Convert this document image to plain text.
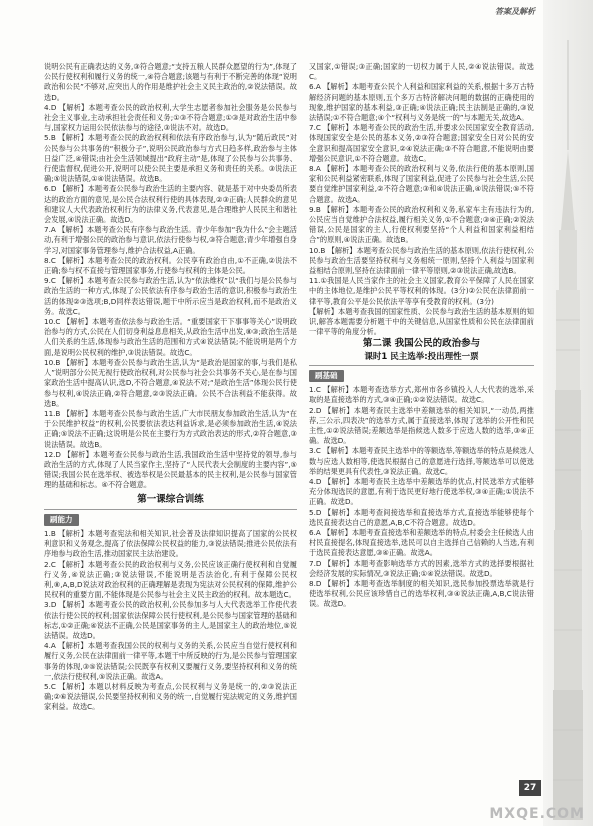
答案及解析

说明公民有正确表达的义务,③符合题意;“支持五粮人民群众愿望的行为”,体现了公民行使权利和履行义务的统一,④符合题意;该题与有利于不断完善的体现“说明政治和公民”不够对,应突出人的作用是维护社会主义民主政治的,②说法错误。故选D。

4.D 【解析】本题考查公民的政治权利,大学生志愿者参加社会服务是公民参与社会主义事业,主动承担社会责任和义务;①③不符合题意;①③是对政治生活中参与,国家权力运用公民依法参与的途径,③说法不对。故选D。

5.B 【解析】本题考查公民的政治权利和依法有序政治参与,认为“随后政民”对公民参与公共事务的“积极分子”,说明公民政治参与方式日趋多样,政治参与主体日益广泛,④错误;由社会生活领域提出“政府主动”是,体现了公民参与公共事务、行使监督权,促进公开,说明可以使公民主要是承担义务和责任的关系。③说法正确;⑤说法错误,①④说法错误。故选B。

6.D 【解析】本题考查公民参与政治生活的主要内容、就是基于对中央委员所表达的政治方面的意见,是公民合法权利行使的具体表现,②③正确;人民群众的意见和建议人大代表政治权利行为的法律义务,代表意见,是合理维护人民民主和谐社会发展,④说法正确。故选D。

7.A 【解析】本题考查公民有序参与政治生活。青少年参加“我为什么”会主题活动,有利于增强公民的政治参与意识,依法行使参与权,③符合题意;青少年增强自身学习,对国家事务管理参与,维护合法权益,A正确。

8.C 【解析】本题考查公民的政治权利。公民享有政治自由,①不正确,②说法不正确;参与权不直接与管理国家事务,行使参与权利的主体是公民。

9.C 【解析】本题考查公民参与政治生活,认为“依法维权”以“我们与是公民参与政治生活的一种方式,体现了公民依法有序参与政治生活的意识,积极参与政治生活的体现②③选项;B,D同样表达错误,题干中所示应当是政治权利,而不是政治义务。故选C。

10.C 【解析】本题考查依法参与政治生活。“重要国家干下事事等关心”说明政治参与的方式,公民在人们切身利益息息相关,从政治生活中出发,⑧③;政治生活是人们关系的生活,体现参与政治生活的范围和方式④说法错误;不能说明是两个方面,是说明公民权利的维护,③说法错误。故选C。

10.B 【解析】本题考查公民参与政治生活,认为“是政治是国家的事,与我们是私人”说明部分公民无视行使政治权利,对公民参与社会公共事务不关心,是在参与国家政治生活中提高认识,选D,不符合题意,④说法不对;“是政治生活”体现公民行使参与权利,④说法正确,②符合题意,②③说法正确。公民不合法利益不能获得。故选B。

11.B 【解析】本题考查公民参与政治生活,广大市民朋友参加政治生活,认为“在于公民维护权益”的权利,公民要依法表达利益诉求,是必须参加政治生活,④说法正确;⑤说法不正确;这说明是公民在主要行为方式政治表达的形式,②符合题意,③说法错误。故选B。

12.D 【解析】本题考查公民参与政治生活,我国政治生活中坚持党的领导,参与政治生活的方式,体现了人民当家作主,坚持了“人民代表大会制度的主要内容”,⑤错误;我国公民在选举权、被选举权是公民最基本的民主权利,是公民参与国家管理的基础和标志。④不符合题意。

第一课综合训练
刷能力

1.B 【解析】本题考查宪法和相关知识,社会普及法律知识提高了国家的公民权利意识和义务观念,提高了依法保障公民权益的能力,③说法错误;推进公民依法有序地参与政治生活,推动国家民主法治建设。

2.C 【解析】本题考查公民的政治权利与义务,公民应该正确行使权利和自觉履行义务,④说法正确;③说法错误,不能说明是否法治化,有利于保障公民权利,⑧,A,B,D说法对政治权利的正确理解是表现为宪法对公民权利的保障,维护公民权利的重要方面,不能体现是公民参与社会主义民主政治的权利。故本题选C。

3.D 【解析】本题考查公民的政治权利,公民参加多与人大代表选举工作使代表依法行使公民的权利;国家依法保障公民行使权利,是公民参与国家管理的基础和标志,①②正确;④说法不正确,公民是国家事务的主人,是国家主人的政治地位,⑤说法错误。故选D。

4.A 【解析】本题考查我国公民的权利与义务的关系,公民应当自觉行使权利和履行义务,公民在法律面前一律平等,本题干中所反映的行为,是公民参与管理国家事务的体现,③⑤说法错误;公民既享有权利又要履行义务,要坚持权利和义务的统一,依法行使权利,⑤说法正确。故选A。

5.C 【解析】本题以材料反映为考查点,公民权利与义务是统一的,②③说法正确;②⑥说法错误,公民要坚持权利和义务的统一,自觉履行宪法规定的义务,维护国家利益。故选C。

又国家,①错误;③正确;国家的一切权力属于人民,②④说法错误。故选C。

6.A 【解析】本题考查公民个人利益和国家利益的关系,根据十多万古特解经济问题的基本原则,五个多万古特济解决问题的数据的正确使用的现象,维护国家的基本利益,③正确;④说法正确;民主法制是正确的,③说法错误;①不符合题意;④个“权利与义务是统一的”与本题无关,故选A。

7.C 【解析】本题考查公民的政治生活,并要求公民国家安全教育活动,体现国家安全是公民的基本义务,②③符合题意;国家安全日对公民的安全意识和提高国家安全意识,②④说法正确;③不符合题意,不能说明由要增强公民意识,①不符合题意。故选C。

8.A 【解析】本题考查公民的政治权利与义务,依法行使的基本原则,国家和公民利益紧密联系,体现了国家利益,促进了公民参与社会生活,公民要自觉维护国家利益,②不符合题意;③和④说法正确,④说法错误;⑤不符合题意。故选A。

9.B 【解析】本题考查公民的政治权利和义务,私家车主有违法行为的,公民应当自觉维护合法权益,履行相关义务,①不合题意;③④正确;②说法错误,公民是国家的主人,行使权利要坚持“个人利益和国家利益相结合”的原则,④说法正确。故选B。

10.B 【解析】本题考查公民参与政治生活的基本原则,依法行使权利,公民参与政治生活要坚持权利与义务相统一原则,坚持个人利益与国家利益相结合原则,坚持在法律面前一律平等原则,②③说法正确,故选B。

11.①我国是人民当家作主的社会主义国家,教育公平保障了人民在国家中的主体地位,是维护公民平等权利的体现。(3分)②公民在法律面前一律平等,教育公平是公民依法平等享有受教育的权利。(3分)

【解析】本题考查我国的国家性质、公民参与政治生活的基本原则的知识,解答本题需要分析题干中的关键信息,从国家性质和公民在法律面前一律平等的角度分析。

第二课 我国公民的政治参与
课时1 民主选举:投出理性一票
刷基础

1.C 【解析】本题考查选举方式,郑州市各乡镇投入人大代表的选举,采取的是直接选举的方式,③④正确;①②说法错误。故选C。

2.D 【解析】本题考查民主选举中差额选举的相关知识,“一动员,两推荐,三公示,四表决”的选举方式,属于直接选举,体现了选举的公开性和民主性,①②说法错误;差额选举是指候选人数多于应选人数的选举,③④正确。故选D。

3.C 【解析】本题考查民主选举中的等额选举,等额选举的特点是候选人数与应选人数相等,使选民根据自己的意愿进行选择,等额选举可以使选举的结果更具有代表性,③说法正确。故选C。

4.D 【解析】本题考查民主选举中差额选举的优点,村民选举方式能够充分体现选民的意愿,有利于选民更好地行使选举权,③④正确;①说法不正确。故选D。

5.D 【解析】本题考查间接选举和直接选举方式,直接选举能够使每个选民直接表达自己的意愿,A,B,C不符合题意。故选D。

6.A 【解析】本题考查直接选举和差额选举的特点,村委会主任候选人由村民直接提名,体现直接选举,选民可以自主选择自己信赖的人当选,有利于选民直接表达意愿,③④正确。故选A。

7.D 【解析】本题考查影响选举方式的因素,选举方式的选择要根据社会经济发展的实际情况,③说法正确;①④说法错误。故选D。

8.D 【解析】本题考查选举制度的相关知识,选民参加投票选举就是行使选举权利,公民应该珍惜自己的选举权利,③④说法正确,A,B,C说法错误。故选D。

27
MXQE.COM
